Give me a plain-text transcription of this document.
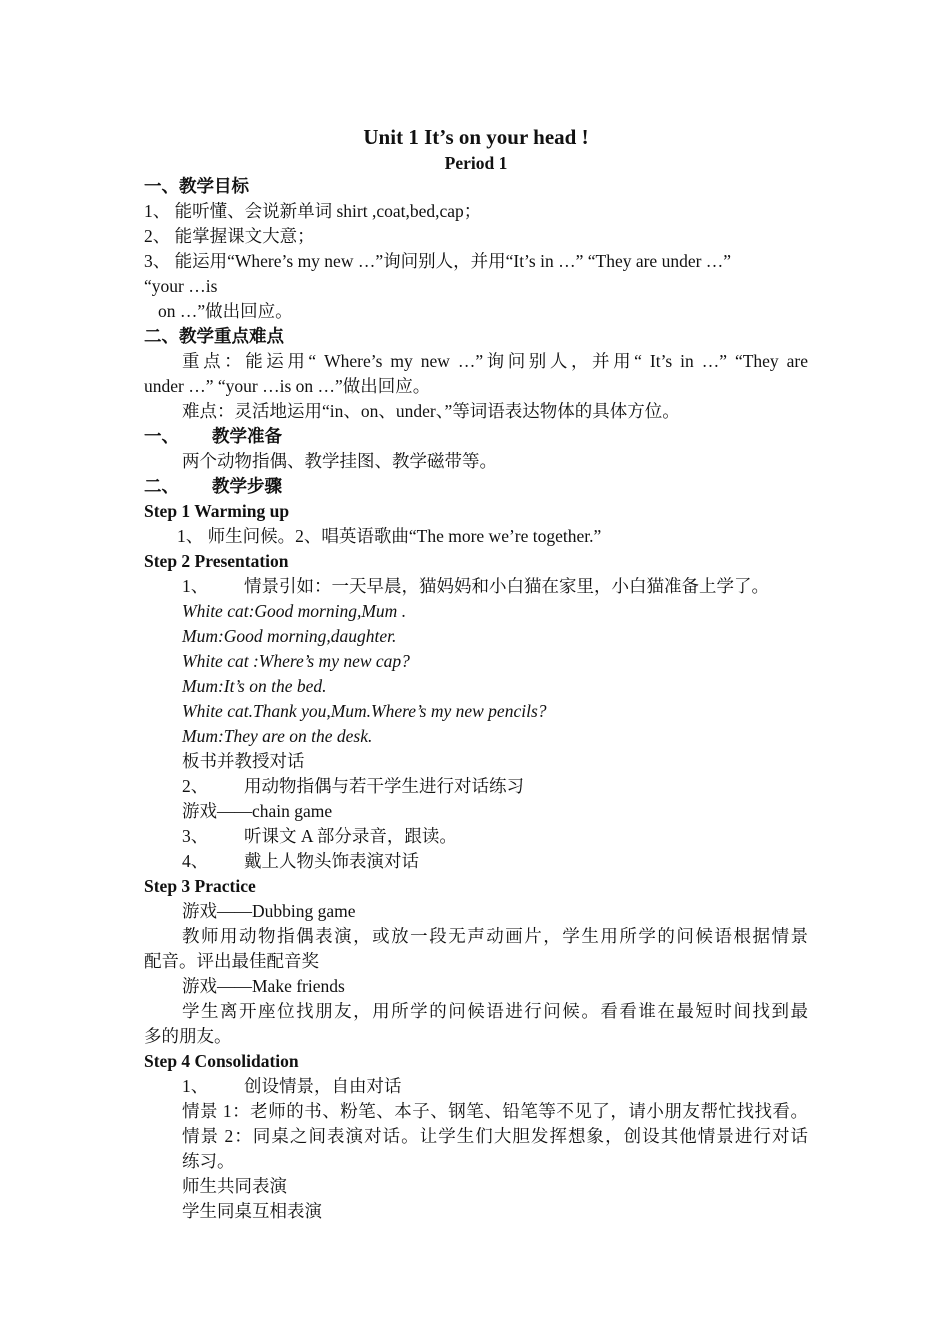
Unit 1 It’s on your head !
Period 1

一、教学目标

1、 能听懂、会说新单词 shirt ,coat,bed,cap；

2、 能掌握课文大意；

3、 能运用“Where’s my new …”询问别人，并用“It’s in …” “They are under …”

“your …is

on …”做出回应。

二、教学重点难点

重点：能运用“ Where’s my new …”询问别人，并用“ It’s in …” “They are

under …” “your …is on …”做出回应。

难点：灵活地运用“in、on、under、”等词语表达物体的具体方位。

一、	教学准备

两个动物指偶、教学挂图、教学磁带等。

二、	教学步骤

Step 1 Warming up

1、 师生问候。2、唱英语歌曲“The more we’re together.”

Step 2 Presentation

1、	情景引如：一天早晨，猫妈妈和小白猫在家里，小白猫准备上学了。

White cat:Good morning,Mum .

Mum:Good morning,daughter.

White cat :Where’s my new cap?

Mum:It’s on the bed.

White cat.Thank you,Mum.Where’s my new pencils?

Mum:They are on the desk.

板书并教授对话

2、	用动物指偶与若干学生进行对话练习

游戏——chain game

3、	听课文 A 部分录音，跟读。
4、	戴上人物头饰表演对话

Step 3 Practice

游戏——Dubbing game

教师用动物指偶表演，或放一段无声动画片，学生用所学的问候语根据情景

配音。评出最佳配音奖

游戏——Make friends

学生离开座位找朋友，用所学的问候语进行问候。看看谁在最短时间找到最

多的朋友。

Step 4 Consolidation

1、	创设情景，自由对话

情景 1：老师的书、粉笔、本子、钢笔、铅笔等不见了，请小朋友帮忙找找看。

情景 2：同桌之间表演对话。让学生们大胆发挥想象，创设其他情景进行对话

练习。

师生共同表演

学生同桌互相表演
